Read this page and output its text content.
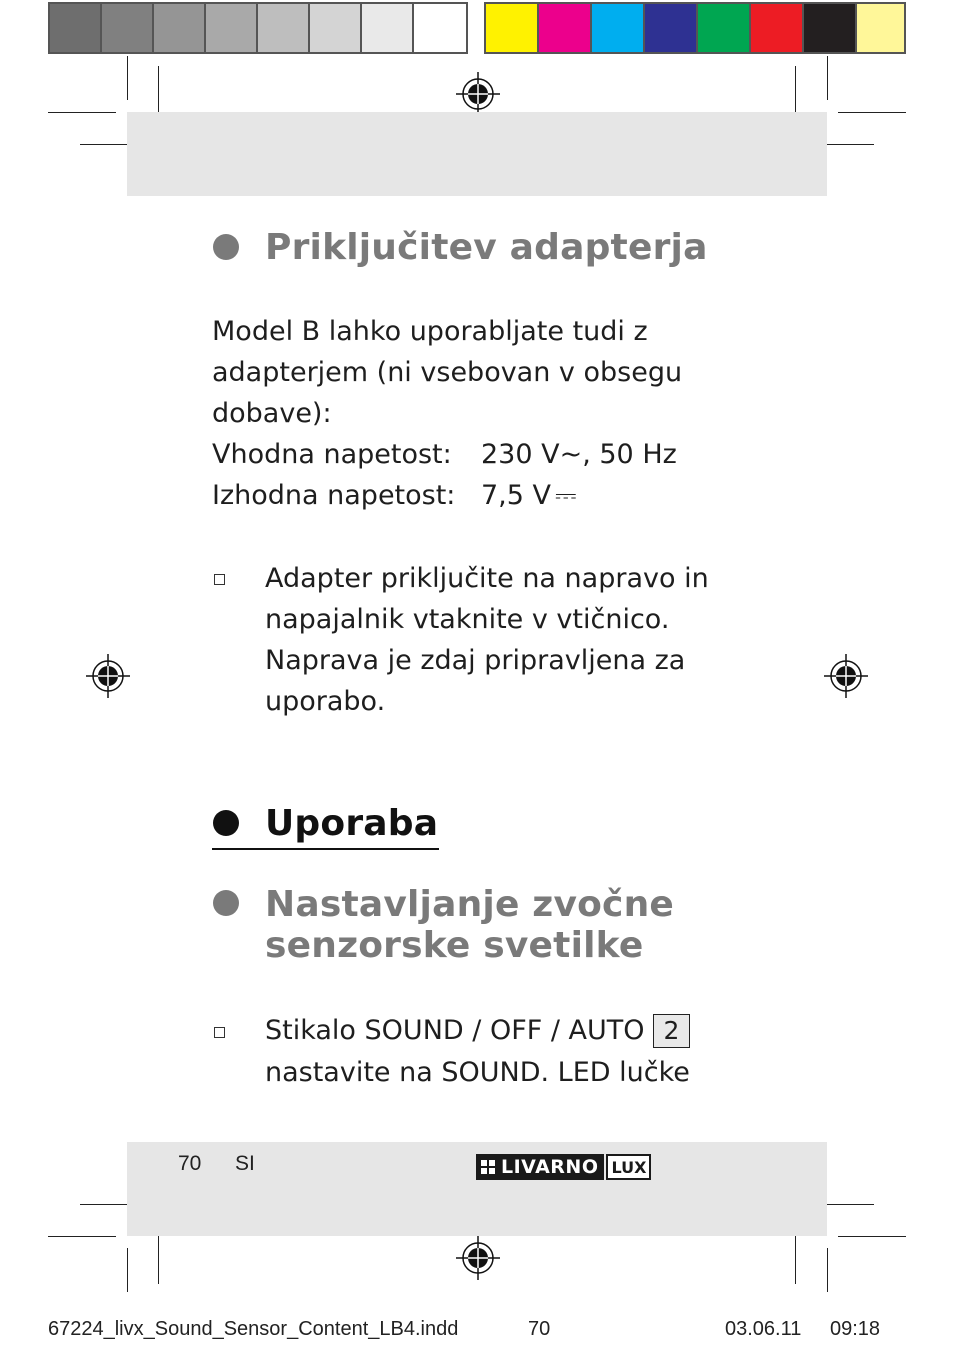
Priključitev adapterja
Model B lahko uporabljate tudi z
adapterjem (ni vsebovan v obsegu
dobave):
Vhodna napetost: 230 V~, 50 Hz
Izhodna napetost: 7,5 V ⎓
Adapter priključite na napravo in
napajalnik vtaknite v vtičnico.
Naprava je zdaj pripravljena za
uporabo.
Uporaba
Nastavljanje zvočne
senzorske svetilke
Stikalo SOUND / OFF / AUTO 2
nastavite na SOUND. LED lučke
70 SI	LIVARNO LUX
67224_livx_Sound_Sensor_Content_LB4.indd	70	03.06.11 09:18
